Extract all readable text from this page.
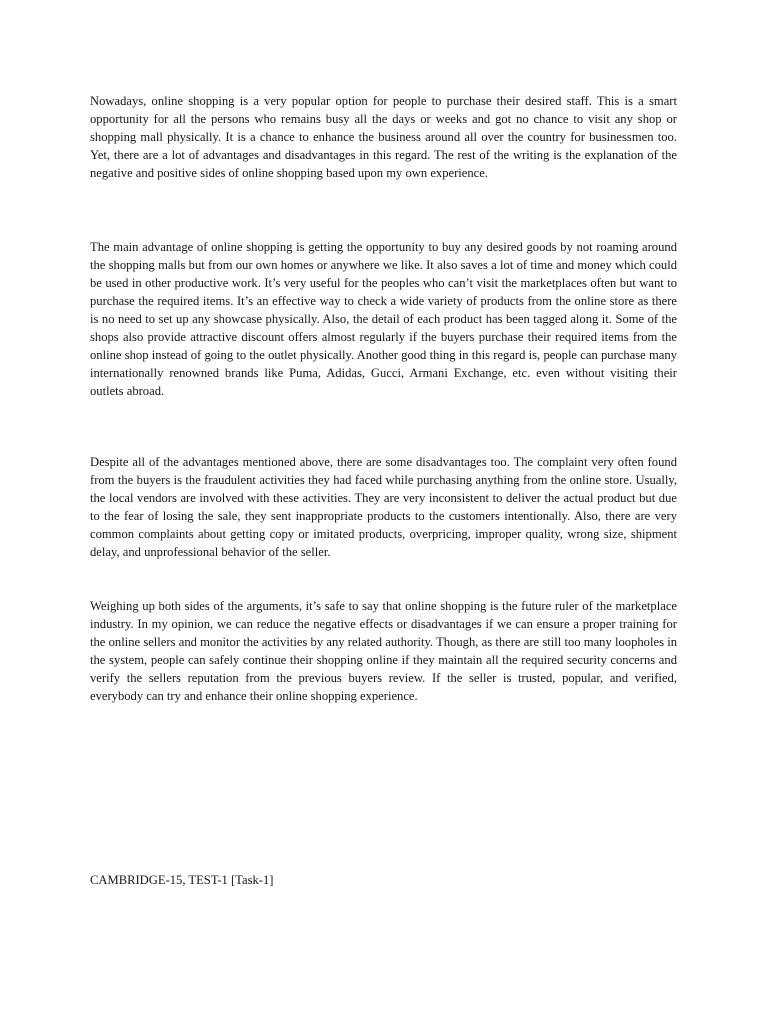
Nowadays, online shopping is a very popular option for people to purchase their desired staff. This is a smart opportunity for all the persons who remains busy all the days or weeks and got no chance to visit any shop or shopping mall physically. It is a chance to enhance the business around all over the country for businessmen too. Yet, there are a lot of advantages and disadvantages in this regard. The rest of the writing is the explanation of the negative and positive sides of online shopping based upon my own experience.

The main advantage of online shopping is getting the opportunity to buy any desired goods by not roaming around the shopping malls but from our own homes or anywhere we like. It also saves a lot of time and money which could be used in other productive work. It’s very useful for the peoples who can’t visit the marketplaces often but want to purchase the required items. It’s an effective way to check a wide variety of products from the online store as there is no need to set up any showcase physically. Also, the detail of each product has been tagged along it. Some of the shops also provide attractive discount offers almost regularly if the buyers purchase their required items from the online shop instead of going to the outlet physically. Another good thing in this regard is, people can purchase many internationally renowned brands like Puma, Adidas, Gucci, Armani Exchange, etc. even without visiting their outlets abroad.

Despite all of the advantages mentioned above, there are some disadvantages too. The complaint very often found from the buyers is the fraudulent activities they had faced while purchasing anything from the online store. Usually, the local vendors are involved with these activities. They are very inconsistent to deliver the actual product but due to the fear of losing the sale, they sent inappropriate products to the customers intentionally. Also, there are very common complaints about getting copy or imitated products, overpricing, improper quality, wrong size, shipment delay, and unprofessional behavior of the seller.

Weighing up both sides of the arguments, it’s safe to say that online shopping is the future ruler of the marketplace industry. In my opinion, we can reduce the negative effects or disadvantages if we can ensure a proper training for the online sellers and monitor the activities by any related authority. Though, as there are still too many loopholes in the system, people can safely continue their shopping online if they maintain all the required security concerns and verify the sellers reputation from the previous buyers review. If the seller is trusted, popular, and verified, everybody can try and enhance their online shopping experience.

CAMBRIDGE-15, TEST-1 [Task-1]
